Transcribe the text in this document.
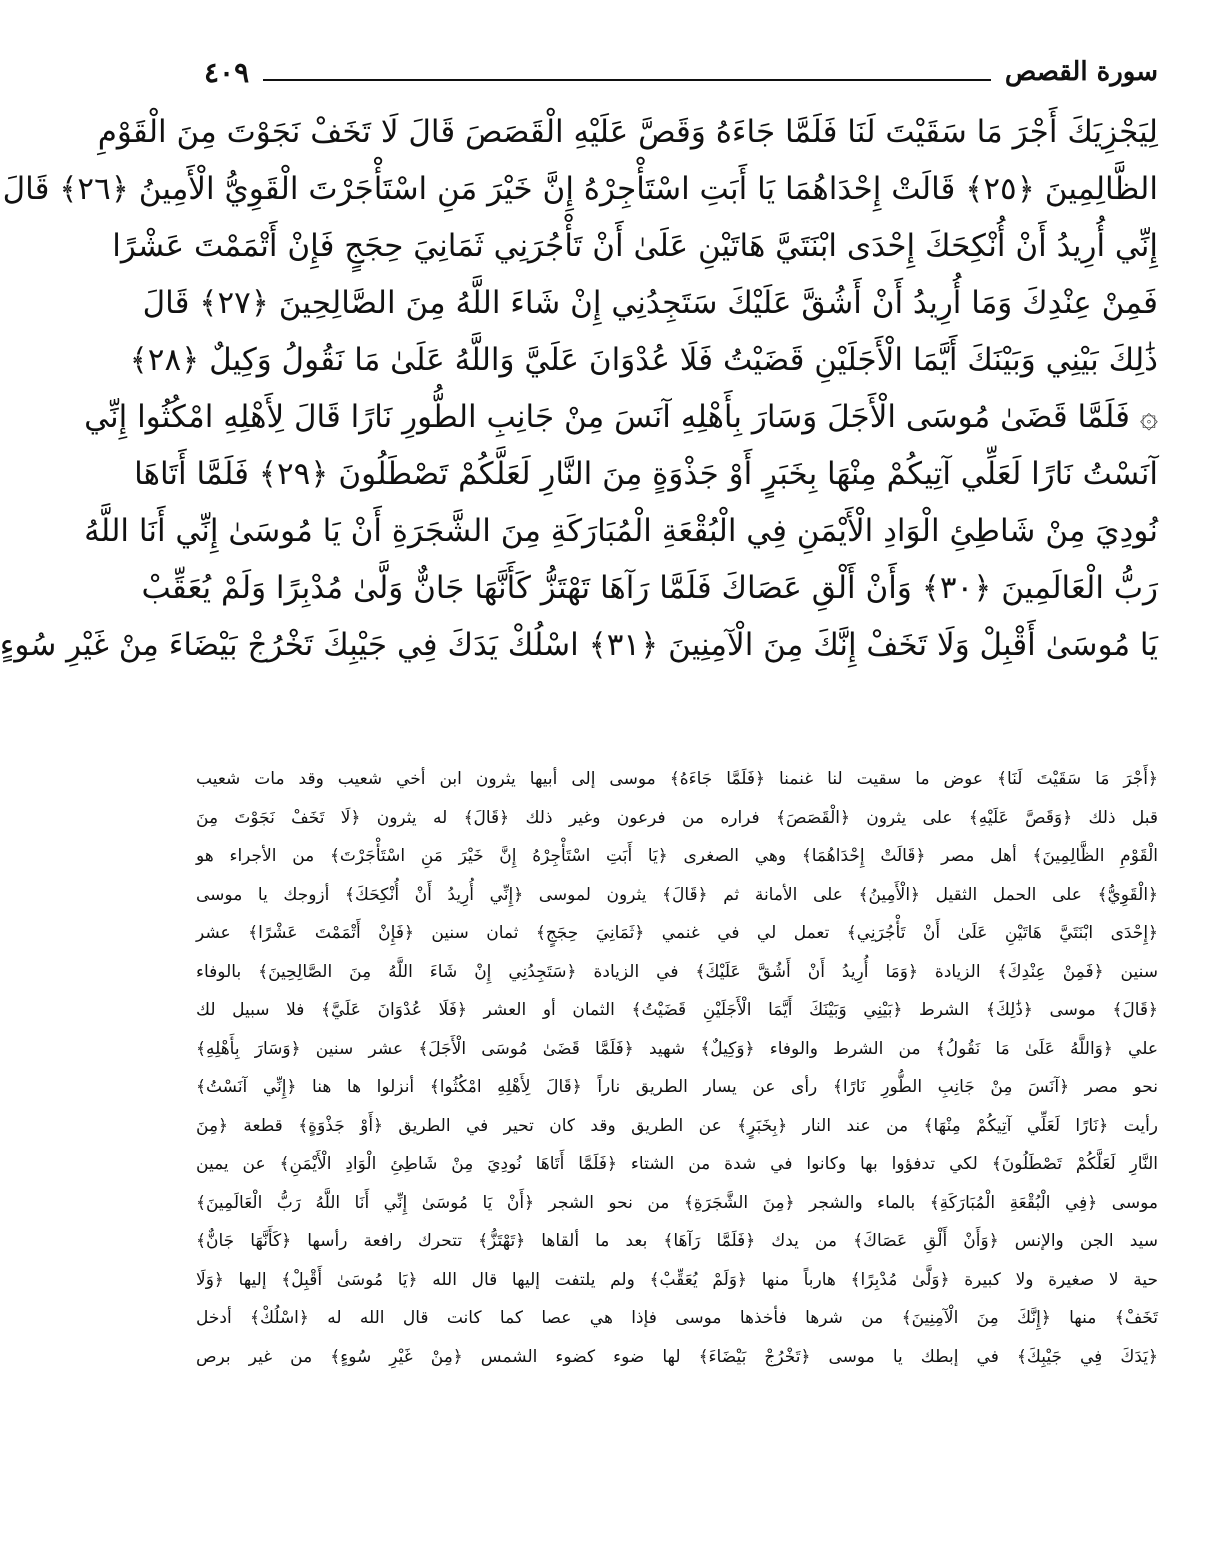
سورة القصص
٤٠٩
لِيَجْزِيَكَ أَجْرَ مَا سَقَيْتَ لَنَا فَلَمَّا جَاءَهُ وَقَصَّ عَلَيْهِ الْقَصَصَ قَالَ لَا تَخَفْ نَجَوْتَ مِنَ الْقَوْمِ
الظَّالِمِينَ ﴿٢٥﴾ قَالَتْ إِحْدَاهُمَا يَا أَبَتِ اسْتَأْجِرْهُ إِنَّ خَيْرَ مَنِ اسْتَأْجَرْتَ الْقَوِيُّ الْأَمِينُ ﴿٢٦﴾ قَالَ
إِنِّي أُرِيدُ أَنْ أُنْكِحَكَ إِحْدَى ابْنَتَيَّ هَاتَيْنِ عَلَىٰ أَنْ تَأْجُرَنِي ثَمَانِيَ حِجَجٍ فَإِنْ أَتْمَمْتَ عَشْرًا
فَمِنْ عِنْدِكَ وَمَا أُرِيدُ أَنْ أَشُقَّ عَلَيْكَ سَتَجِدُنِي إِنْ شَاءَ اللَّهُ مِنَ الصَّالِحِينَ ﴿٢٧﴾ قَالَ
ذَٰلِكَ بَيْنِي وَبَيْنَكَ أَيَّمَا الْأَجَلَيْنِ قَضَيْتُ فَلَا عُدْوَانَ عَلَيَّ وَاللَّهُ عَلَىٰ مَا نَقُولُ وَكِيلٌ ﴿٢٨﴾
۞ فَلَمَّا قَضَىٰ مُوسَى الْأَجَلَ وَسَارَ بِأَهْلِهِ آنَسَ مِنْ جَانِبِ الطُّورِ نَارًا قَالَ لِأَهْلِهِ امْكُثُوا إِنِّي
آنَسْتُ نَارًا لَعَلِّي آتِيكُمْ مِنْهَا بِخَبَرٍ أَوْ جَذْوَةٍ مِنَ النَّارِ لَعَلَّكُمْ تَصْطَلُونَ ﴿٢٩﴾ فَلَمَّا أَتَاهَا
نُودِيَ مِنْ شَاطِئِ الْوَادِ الْأَيْمَنِ فِي الْبُقْعَةِ الْمُبَارَكَةِ مِنَ الشَّجَرَةِ أَنْ يَا مُوسَىٰ إِنِّي أَنَا اللَّهُ
رَبُّ الْعَالَمِينَ ﴿٣٠﴾ وَأَنْ أَلْقِ عَصَاكَ فَلَمَّا رَآهَا تَهْتَزُّ كَأَنَّهَا جَانٌّ وَلَّىٰ مُدْبِرًا وَلَمْ يُعَقِّبْ
يَا مُوسَىٰ أَقْبِلْ وَلَا تَخَفْ إِنَّكَ مِنَ الْآمِنِينَ ﴿٣١﴾ اسْلُكْ يَدَكَ فِي جَيْبِكَ تَخْرُجْ بَيْضَاءَ مِنْ غَيْرِ سُوءٍ
﴿أَجْرَ مَا سَقَيْتَ لَنَا﴾ عوض ما سقيت لنا غنمنا ﴿فَلَمَّا جَاءَهُ﴾ موسى إلى أبيها يثرون ابن أخي شعيب وقد مات شعيب
قبل ذلك ﴿وَقَصَّ عَلَيْهِ﴾ على يثرون ﴿الْقَصَصَ﴾ فراره من فرعون وغير ذلك ﴿قَالَ﴾ له يثرون ﴿لَا تَخَفْ نَجَوْتَ مِنَ
الْقَوْمِ الظَّالِمِينَ﴾ أهل مصر ﴿قَالَتْ إِحْدَاهُمَا﴾ وهي الصغرى ﴿يَا أَبَتِ اسْتَأْجِرْهُ إِنَّ خَيْرَ مَنِ اسْتَأْجَرْتَ﴾ من الأجراء هو
﴿الْقَوِيُّ﴾ على الحمل الثقيل ﴿الْأَمِينُ﴾ على الأمانة ثم ﴿قَالَ﴾ يثرون لموسى ﴿إِنِّي أُرِيدُ أَنْ أُنْكِحَكَ﴾ أزوجك يا موسى
﴿إِحْدَى ابْنَتَيَّ هَاتَيْنِ عَلَىٰ أَنْ تَأْجُرَنِي﴾ تعمل لي في غنمي ﴿ثَمَانِيَ حِجَجٍ﴾ ثمان سنين ﴿فَإِنْ أَتْمَمْتَ عَشْرًا﴾ عشر
سنين ﴿فَمِنْ عِنْدِكَ﴾ الزيادة ﴿وَمَا أُرِيدُ أَنْ أَشُقَّ عَلَيْكَ﴾ في الزيادة ﴿سَتَجِدُنِي إِنْ شَاءَ اللَّهُ مِنَ الصَّالِحِينَ﴾ بالوفاء
﴿قَالَ﴾ موسى ﴿ذَٰلِكَ﴾ الشرط ﴿بَيْنِي وَبَيْنَكَ أَيَّمَا الْأَجَلَيْنِ قَضَيْتُ﴾ الثمان أو العشر ﴿فَلَا عُدْوَانَ عَلَيَّ﴾ فلا سبيل لك
علي ﴿وَاللَّهُ عَلَىٰ مَا نَقُولُ﴾ من الشرط والوفاء ﴿وَكِيلٌ﴾ شهيد ﴿فَلَمَّا قَضَىٰ مُوسَى الْأَجَلَ﴾ عشر سنين ﴿وَسَارَ بِأَهْلِهِ﴾
نحو مصر ﴿آنَسَ مِنْ جَانِبِ الطُّورِ نَارًا﴾ رأى عن يسار الطريق ناراً ﴿قَالَ لِأَهْلِهِ امْكُثُوا﴾ أنزلوا ها هنا ﴿إِنِّي آنَسْتُ﴾
رأيت ﴿نَارًا لَعَلِّي آتِيكُمْ مِنْهَا﴾ من عند النار ﴿بِخَبَرٍ﴾ عن الطريق وقد كان تحير في الطريق ﴿أَوْ جَذْوَةٍ﴾ قطعة ﴿مِنَ
النَّارِ لَعَلَّكُمْ تَصْطَلُونَ﴾ لكي تدفؤوا بها وكانوا في شدة من الشتاء ﴿فَلَمَّا أَتَاهَا نُودِيَ مِنْ شَاطِئِ الْوَادِ الْأَيْمَنِ﴾ عن يمين
موسى ﴿فِي الْبُقْعَةِ الْمُبَارَكَةِ﴾ بالماء والشجر ﴿مِنَ الشَّجَرَةِ﴾ من نحو الشجر ﴿أَنْ يَا مُوسَىٰ إِنِّي أَنَا اللَّهُ رَبُّ الْعَالَمِينَ﴾
سيد الجن والإنس ﴿وَأَنْ أَلْقِ عَصَاكَ﴾ من يدك ﴿فَلَمَّا رَآهَا﴾ بعد ما ألقاها ﴿تَهْتَزُّ﴾ تتحرك رافعة رأسها ﴿كَأَنَّهَا جَانٌّ﴾
حية لا صغيرة ولا كبيرة ﴿وَلَّىٰ مُدْبِرًا﴾ هارباً منها ﴿وَلَمْ يُعَقِّبْ﴾ ولم يلتفت إليها قال الله ﴿يَا مُوسَىٰ أَقْبِلْ﴾ إليها ﴿وَلَا
تَخَفْ﴾ منها ﴿إِنَّكَ مِنَ الْآمِنِينَ﴾ من شرها فأخذها موسى فإذا هي عصا كما كانت قال الله له ﴿اسْلُكْ﴾ أدخل
﴿يَدَكَ فِي جَيْبِكَ﴾ في إبطك يا موسى ﴿تَخْرُجْ بَيْضَاءَ﴾ لها ضوء كضوء الشمس ﴿مِنْ غَيْرِ سُوءٍ﴾ من غير برص
